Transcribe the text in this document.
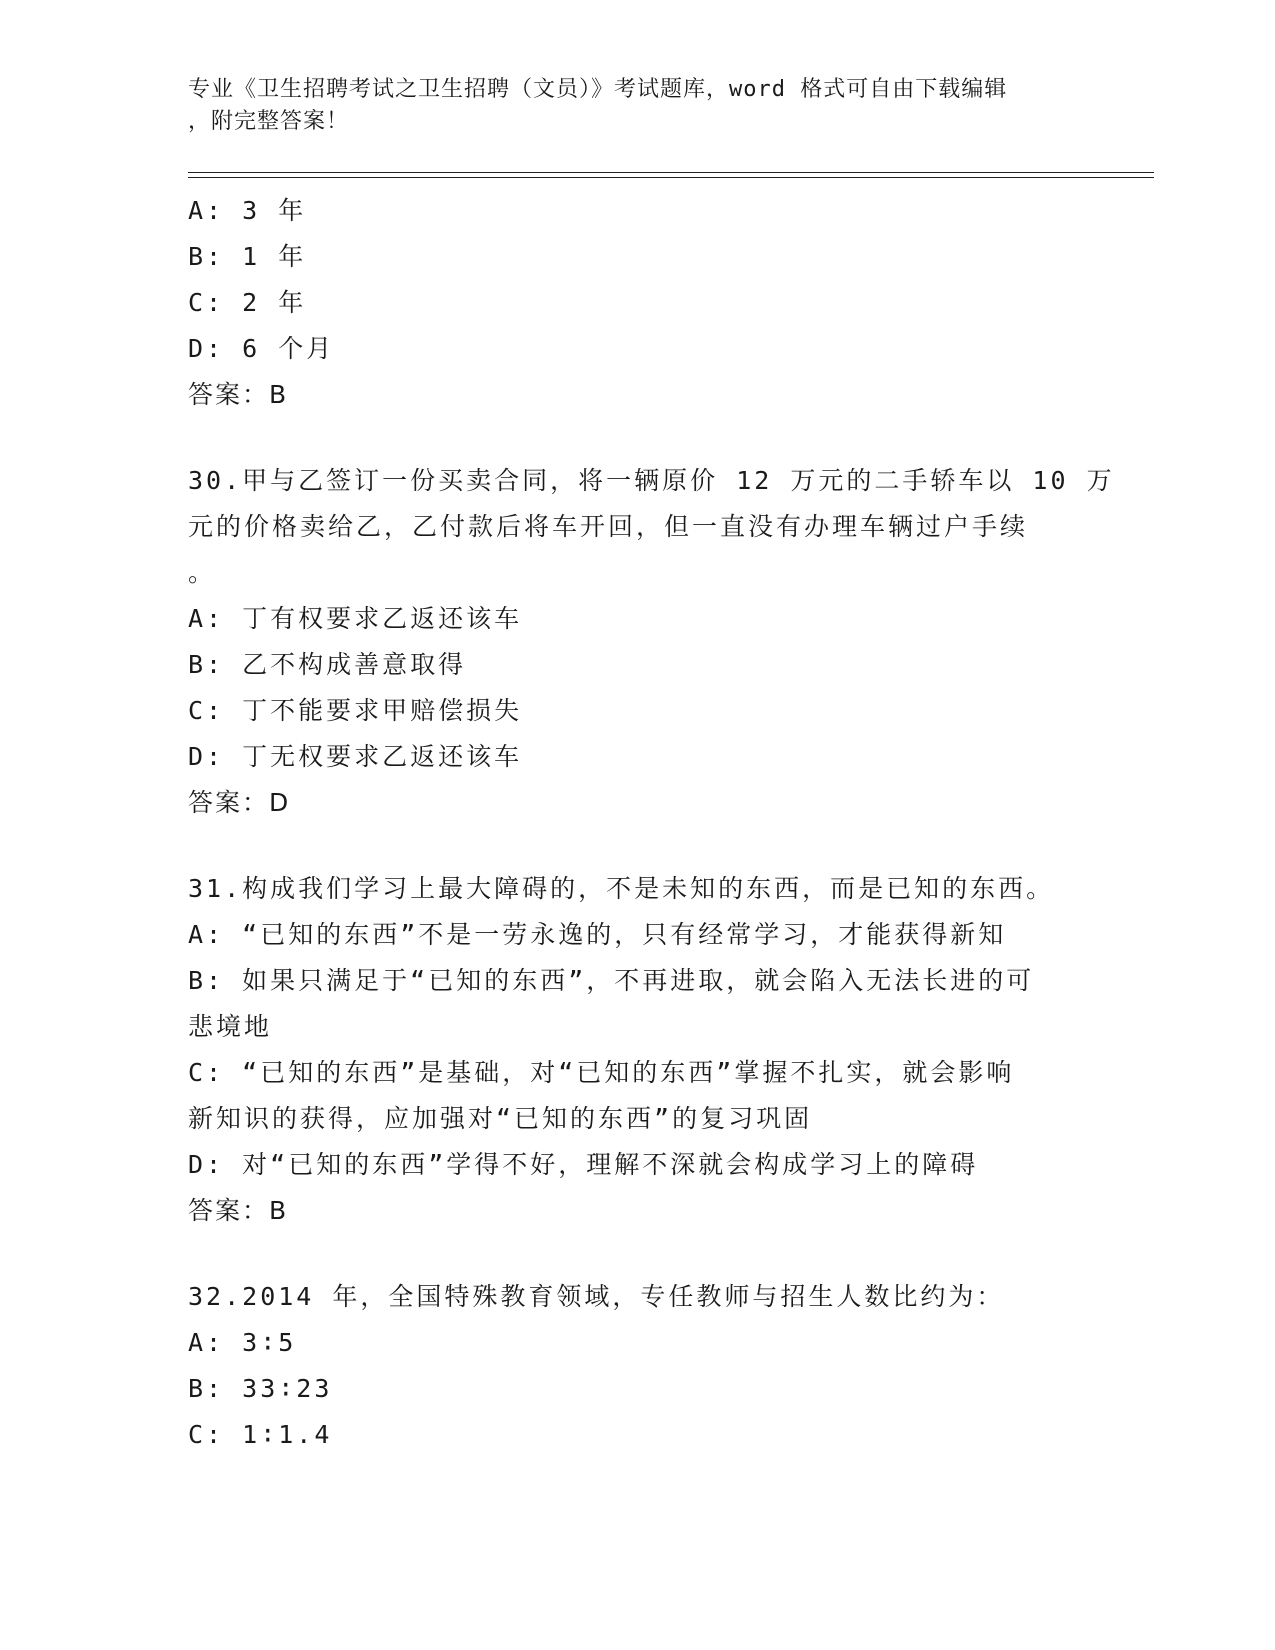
专业《卫生招聘考试之卫生招聘（文员）》考试题库，word 格式可自由下载编辑
，附完整答案！
A: 3 年
B: 1 年
C: 2 年
D: 6 个月
答案：B
30.甲与乙签订一份买卖合同，将一辆原价 12 万元的二手轿车以 10 万
元的价格卖给乙，乙付款后将车开回，但一直没有办理车辆过户手续
。
A: 丁有权要求乙返还该车
B: 乙不构成善意取得
C: 丁不能要求甲赔偿损失
D: 丁无权要求乙返还该车
答案：D
31.构成我们学习上最大障碍的，不是未知的东西，而是已知的东西。
A: “已知的东西”不是一劳永逸的，只有经常学习，才能获得新知
B: 如果只满足于“已知的东西”，不再进取，就会陷入无法长进的可
悲境地
C: “已知的东西”是基础，对“已知的东西”掌握不扎实，就会影响
新知识的获得，应加强对“已知的东西”的复习巩固
D: 对“已知的东西”学得不好，理解不深就会构成学习上的障碍
答案：B
32.2014 年，全国特殊教育领域，专任教师与招生人数比约为：
A: 3∶5
B: 33∶23
C: 1∶1.4
